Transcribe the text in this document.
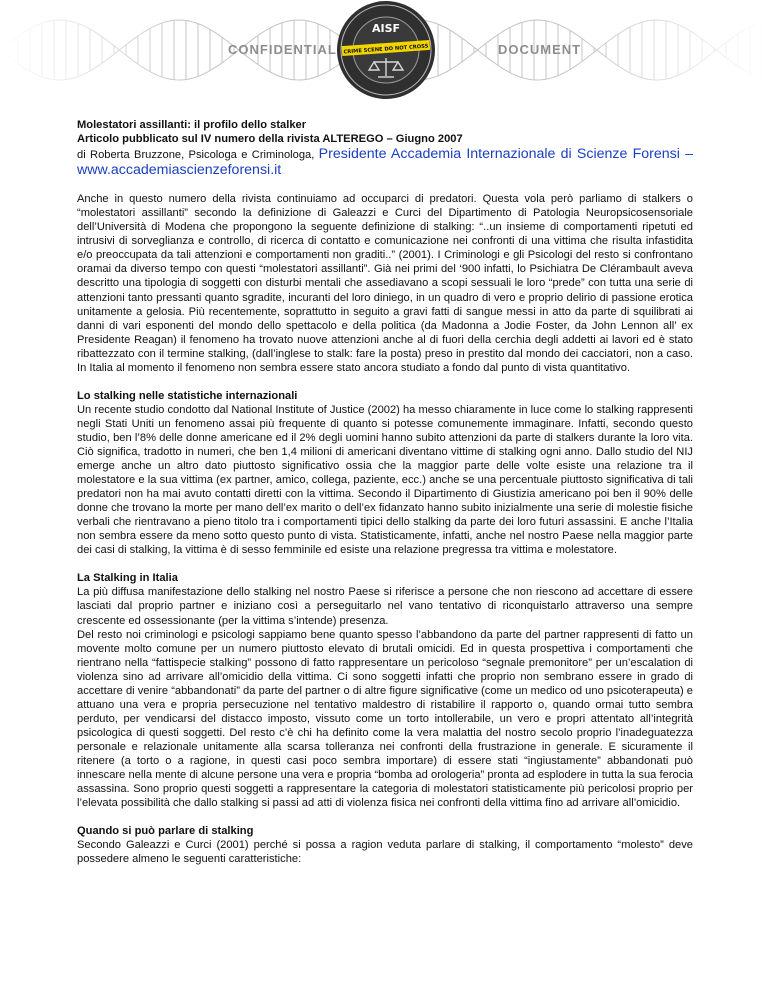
CONFIDENTIAL	DOCUMENT
AISF
CRIME SCENE DO NOT CROSS

Molestatori assillanti: il profilo dello stalker

Articolo pubblicato sul IV numero della rivista ALTEREGO – Giugno 2007

di Roberta Bruzzone, Psicologa e Criminologa, Presidente Accademia Internazionale di Scienze Forensi – www.accademiascienzeforensi.it

Anche in questo numero della rivista continuiamo ad occuparci di predatori. Questa vola però parliamo di stalkers o “molestatori assillanti” secondo la definizione di Galeazzi e Curci del Dipartimento di Patologia Neuropsicosensoriale dell’Università di Modena che propongono la seguente definizione di stalking: “..un insieme di comportamenti ripetuti ed intrusivi di sorveglianza e controllo, di ricerca di contatto e comunicazione nei confronti di una vittima che risulta infastidita e/o preoccupata da tali attenzioni e comportamenti non graditi..” (2001). I Criminologi e gli Psicologi del resto si confrontano oramai da diverso tempo con questi “molestatori assillanti”. Già nei primi del ‘900 infatti, lo Psichiatra De Clérambault aveva descritto una tipologia di soggetti con disturbi mentali che assediavano a scopi sessuali le loro “prede” con tutta una serie di attenzioni tanto pressanti quanto sgradite, incuranti del loro diniego, in un quadro di vero e proprio delirio di passione erotica unitamente a gelosia. Più recentemente, soprattutto in seguito a gravi fatti di sangue messi in atto da parte di squilibrati ai danni di vari esponenti del mondo dello spettacolo e della politica (da Madonna a Jodie Foster, da John Lennon all’ ex Presidente Reagan) il fenomeno ha trovato nuove attenzioni anche al di fuori della cerchia degli addetti ai lavori ed è stato ribattezzato con il termine stalking, (dall’inglese to stalk: fare la posta) preso in prestito dal mondo dei cacciatori, non a caso. In Italia al momento il fenomeno non sembra essere stato ancora studiato a fondo dal punto di vista quantitativo.

Lo stalking nelle statistiche internazionali

Un recente studio condotto dal National Institute of Justice (2002) ha messo chiaramente in luce come lo stalking rappresenti negli Stati Uniti un fenomeno assai più frequente di quanto si potesse comunemente immaginare. Infatti, secondo questo studio, ben l’8% delle donne americane ed il 2% degli uomini hanno subito attenzioni da parte di stalkers durante la loro vita. Ciò significa, tradotto in numeri, che ben 1,4 milioni di americani diventano vittime di stalking ogni anno. Dallo studio del NIJ emerge anche un altro dato piuttosto significativo ossia che la maggior parte delle volte esiste una relazione tra il molestatore e la sua vittima (ex partner, amico, collega, paziente, ecc.) anche se una percentuale piuttosto significativa di tali predatori non ha mai avuto contatti diretti con la vittima. Secondo il Dipartimento di Giustizia americano poi ben il 90% delle donne che trovano la morte per mano dell’ex marito o dell’ex fidanzato hanno subito inizialmente una serie di molestie fisiche verbali che rientravano a pieno titolo tra i comportamenti tipici dello stalking da parte dei loro futuri assassini. E anche l’Italia non sembra essere da meno sotto questo punto di vista. Statisticamente, infatti, anche nel nostro Paese nella maggior parte dei casi di stalking, la vittima è di sesso femminile ed esiste una relazione pregressa tra vittima e molestatore.

La Stalking in Italia

La più diffusa manifestazione dello stalking nel nostro Paese si riferisce a persone che non riescono ad accettare di essere lasciati dal proprio partner e iniziano così a perseguitarlo nel vano tentativo di riconquistarlo attraverso una sempre crescente ed ossessionante (per la vittima s’intende) presenza.

Del resto noi criminologi e psicologi sappiamo bene quanto spesso l’abbandono da parte del partner rappresenti di fatto un movente molto comune per un numero piuttosto elevato di brutali omicidi. Ed in questa prospettiva i comportamenti che rientrano nella “fattispecie stalking” possono di fatto rappresentare un pericoloso “segnale premonitore” per un’escalation di violenza sino ad arrivare all’omicidio della vittima. Ci sono soggetti infatti che proprio non sembrano essere in grado di accettare di venire “abbandonati” da parte del partner o di altre figure significative (come un medico od uno psicoterapeuta) e attuano una vera e propria persecuzione nel tentativo maldestro di ristabilire il rapporto o, quando ormai tutto sembra perduto, per vendicarsi del distacco imposto, vissuto come un torto intollerabile, un vero e propri attentato all’integrità psicologica di questi soggetti. Del resto c’è chi ha definito come la vera malattia del nostro secolo proprio l’inadeguatezza personale e relazionale unitamente alla scarsa tolleranza nei confronti della frustrazione in generale. E sicuramente il ritenere (a torto o a ragione, in questi casi poco sembra importare) di essere stati “ingiustamente” abbandonati può innescare nella mente di alcune persone una vera e propria “bomba ad orologeria” pronta ad esplodere in tutta la sua ferocia assassina. Sono proprio questi soggetti a rappresentare la categoria di molestatori statisticamente più pericolosi proprio per l’elevata possibilità che dallo stalking si passi ad atti di violenza fisica nei confronti della vittima fino ad arrivare all’omicidio.

Quando si può parlare di stalking

Secondo Galeazzi e Curci (2001) perché si possa a ragion veduta parlare di stalking, il comportamento “molesto” deve possedere almeno le seguenti caratteristiche:
